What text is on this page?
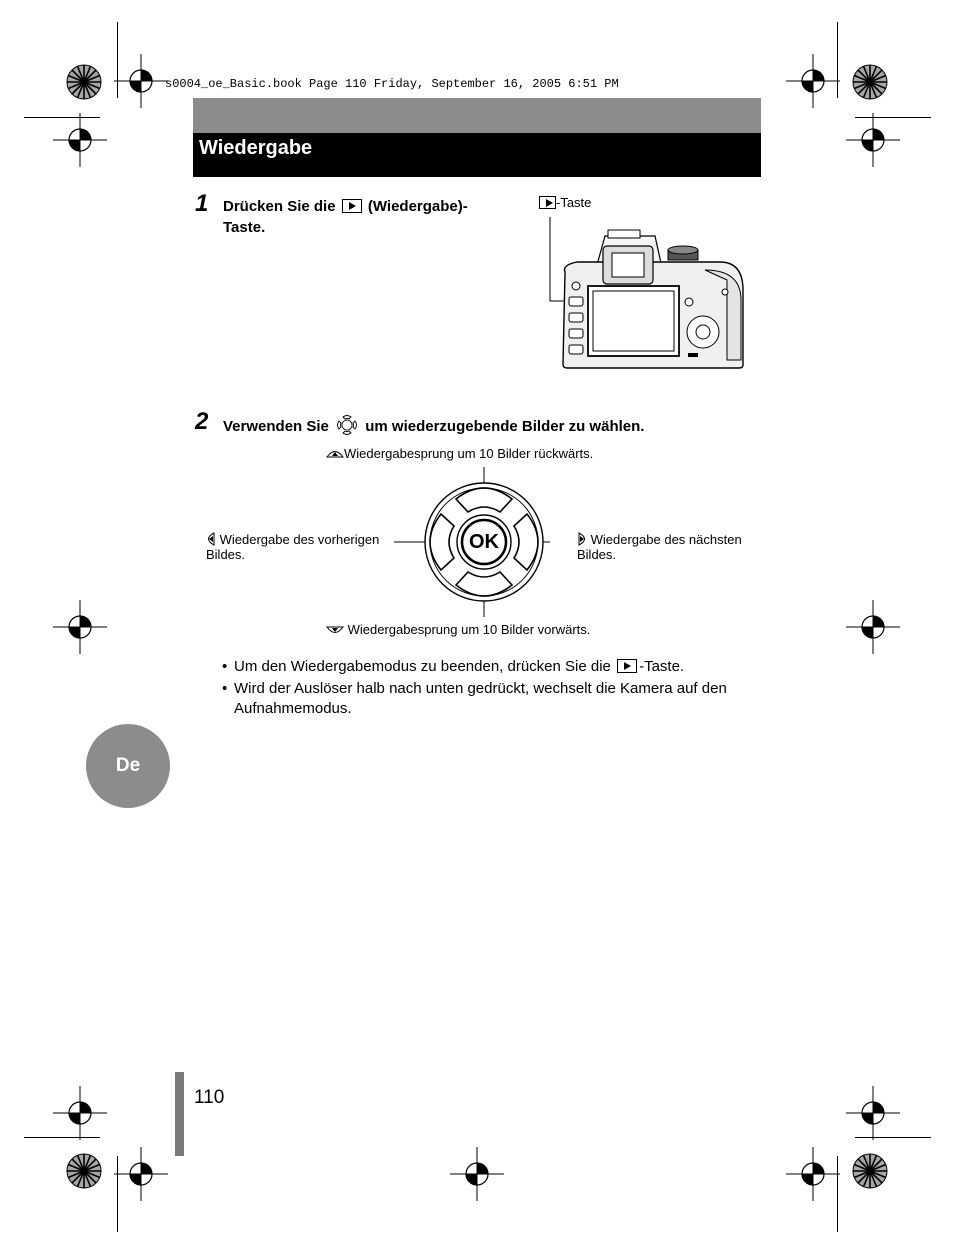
s0004_oe_Basic.book Page 110 Friday, September 16, 2005 6:51 PM
Wiedergabe
1 Drücken Sie die (Wiedergabe)-
Taste.
-Taste
2 Verwenden Sie um wiederzugebende Bilder zu wählen.
Wiedergabesprung um 10 Bilder rückwärts.
Wiedergabesprung um 10 Bilder vorwärts.
Wiedergabe des vorherigen
Bildes.
Wiedergabe des nächsten
Bildes.
OK
• Um den Wiedergabemodus zu beenden, drücken Sie die -Taste.
• Wird der Auslöser halb nach unten gedrückt, wechselt die Kamera auf den
Aufnahmemodus.
De
110
